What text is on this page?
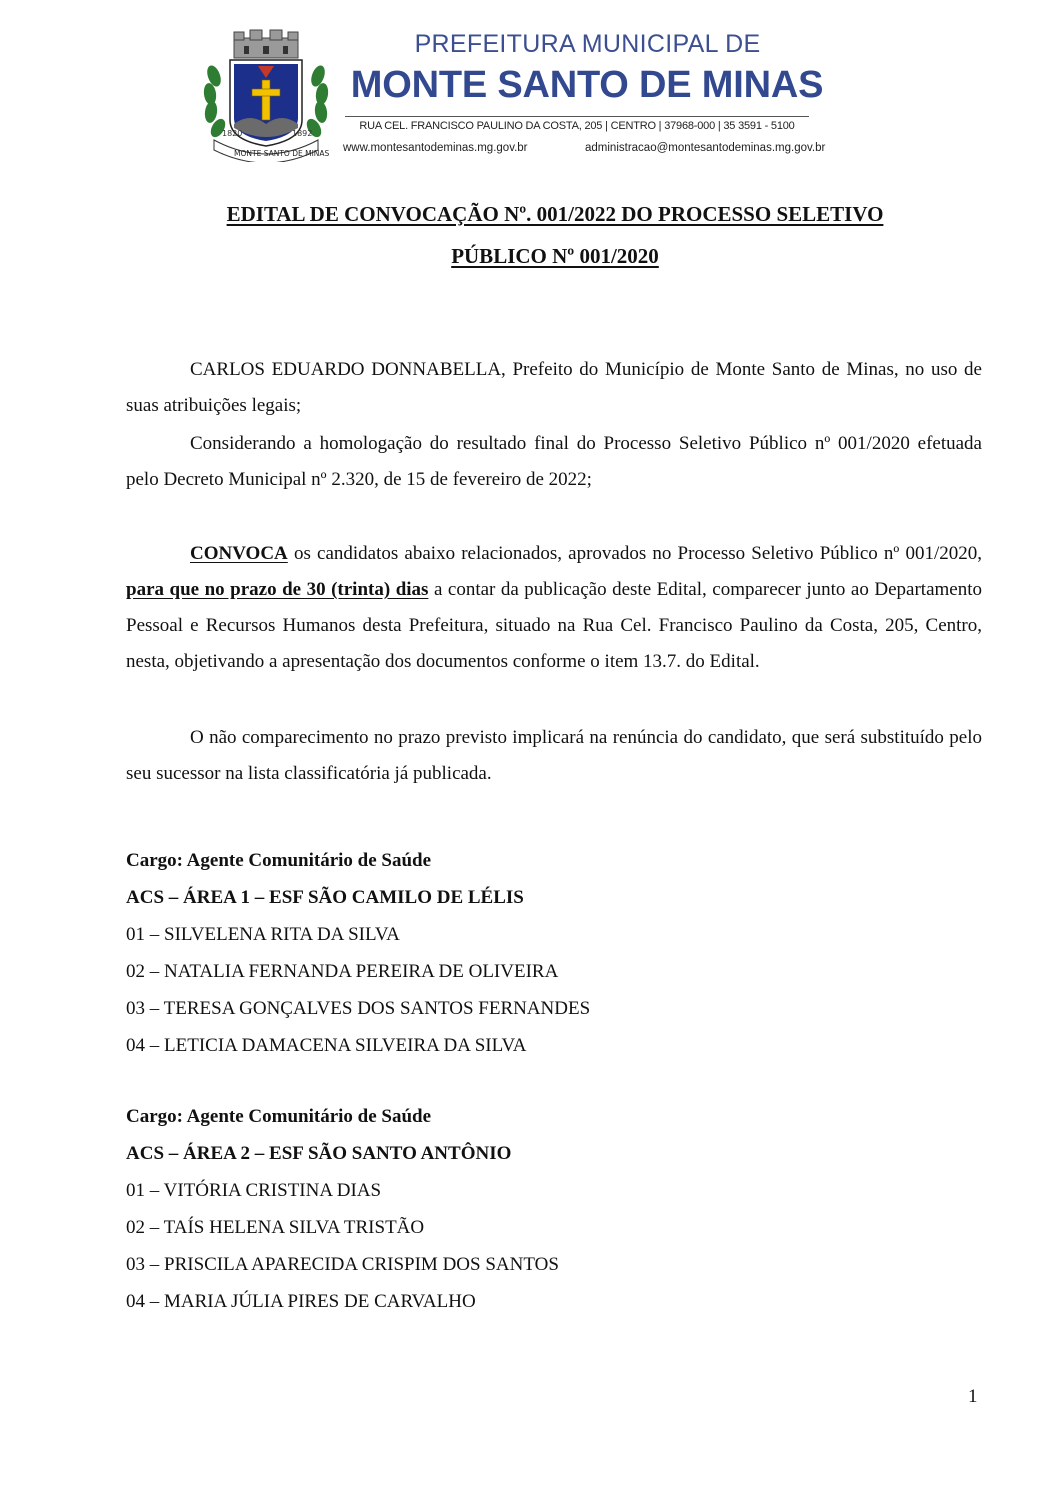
1820	1892
MONTE SANTO DE MINAS
PREFEITURA MUNICIPAL DE
MONTE SANTO DE MINAS
RUA CEL. FRANCISCO PAULINO DA COSTA, 205 | CENTRO | 37968-000 | 35 3591 - 5100
www.montesantodeminas.mg.gov.br	administracao@montesantodeminas.mg.gov.br
EDITAL DE CONVOCAÇÃO Nº. 001/2022 DO PROCESSO SELETIVO
PÚBLICO Nº 001/2020
CARLOS EDUARDO DONNABELLA, Prefeito do Município de Monte Santo de Minas, no uso de suas atribuições legais;
Considerando a homologação do resultado final do Processo Seletivo Público nº 001/2020 efetuada pelo Decreto Municipal nº 2.320, de 15 de fevereiro de 2022;
CONVOCA os candidatos abaixo relacionados, aprovados no Processo Seletivo Público nº 001/2020, para que no prazo de 30 (trinta) dias a contar da publicação deste Edital, comparecer junto ao Departamento Pessoal e Recursos Humanos desta Prefeitura, situado na Rua Cel. Francisco Paulino da Costa, 205, Centro, nesta, objetivando a apresentação dos documentos conforme o item 13.7. do Edital.
O não comparecimento no prazo previsto implicará na renúncia do candidato, que será substituído pelo seu sucessor na lista classificatória já publicada.
Cargo: Agente Comunitário de Saúde
ACS – ÁREA 1 – ESF SÃO CAMILO DE LÉLIS
01 – SILVELENA RITA DA SILVA
02 – NATALIA FERNANDA PEREIRA DE OLIVEIRA
03 – TERESA GONÇALVES DOS SANTOS FERNANDES
04 – LETICIA DAMACENA SILVEIRA DA SILVA
Cargo: Agente Comunitário de Saúde
ACS – ÁREA 2 – ESF SÃO SANTO ANTÔNIO
01 – VITÓRIA CRISTINA DIAS
02 – TAÍS HELENA SILVA TRISTÃO
03 – PRISCILA APARECIDA CRISPIM DOS SANTOS
04 – MARIA JÚLIA PIRES DE CARVALHO
1
